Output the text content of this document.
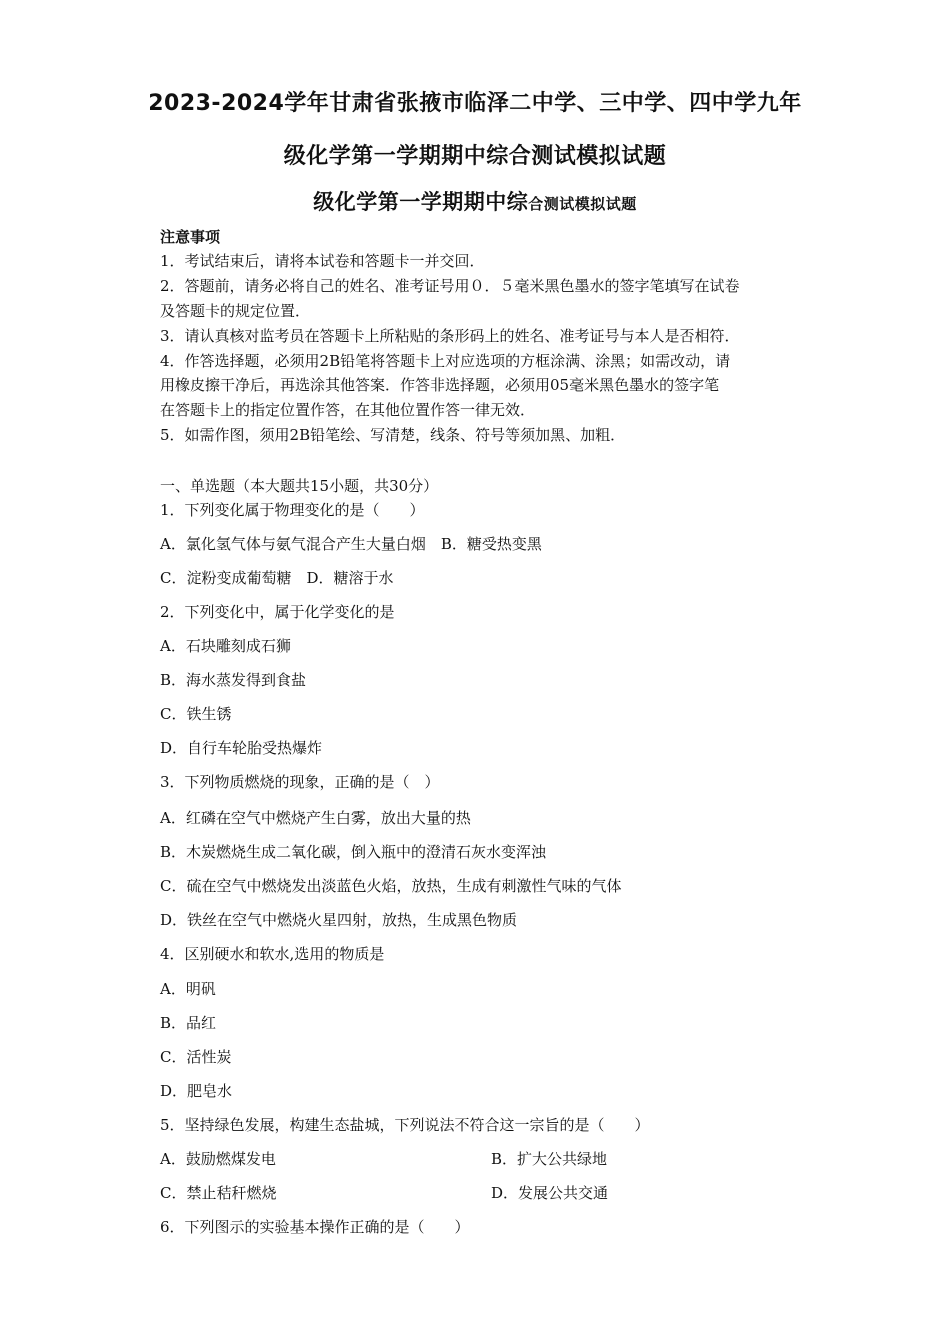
2023-2024学年甘肃省张掖市临泽二中学、三中学、四中学九年
级化学第一学期期中综合测试模拟试题
级化学第一学期期中综合测试模拟试题
注意事项
1．考试结束后，请将本试卷和答题卡一并交回．
2．答题前，请务必将自己的姓名、准考证号用０．５毫米黑色墨水的签字笔填写在试卷
及答题卡的规定位置．
3．请认真核对监考员在答题卡上所粘贴的条形码上的姓名、准考证号与本人是否相符．
4．作答选择题，必须用2B铅笔将答题卡上对应选项的方框涂满、涂黑；如需改动，请
用橡皮擦干净后，再选涂其他答案．作答非选择题，必须用05毫米黑色墨水的签字笔
在答题卡上的指定位置作答，在其他位置作答一律无效．
5．如需作图，须用2B铅笔绘、写清楚，线条、符号等须加黑、加粗．
一、单选题（本大题共15小题，共30分）
1．下列变化属于物理变化的是（　　）
A．氯化氢气体与氨气混合产生大量白烟　B．糖受热变黑
C．淀粉变成葡萄糖　D．糖溶于水
2．下列变化中，属于化学变化的是
A．石块雕刻成石狮
B．海水蒸发得到食盐
C．铁生锈
D．自行车轮胎受热爆炸
3．下列物质燃烧的现象，正确的是（　）
A．红磷在空气中燃烧产生白雾，放出大量的热
B．木炭燃烧生成二氧化碳，倒入瓶中的澄清石灰水变浑浊
C．硫在空气中燃烧发出淡蓝色火焰，放热，生成有刺激性气味的气体
D．铁丝在空气中燃烧火星四射，放热，生成黑色物质
4．区别硬水和软水,选用的物质是
A．明矾
B．品红
C．活性炭
D．肥皂水
5．坚持绿色发展，构建生态盐城，下列说法不符合这一宗旨的是（　　）
A．鼓励燃煤发电	B．扩大公共绿地
C．禁止秸秆燃烧	D．发展公共交通
6．下列图示的实验基本操作正确的是（　　）
